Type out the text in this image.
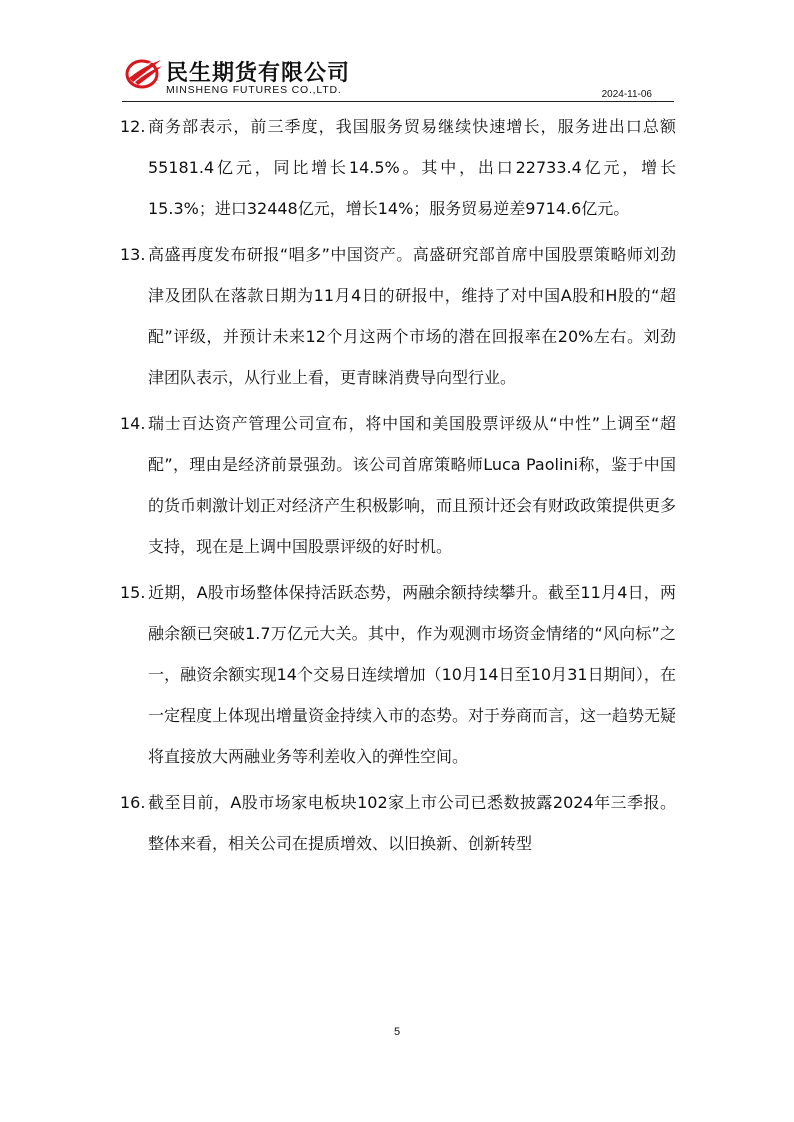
民生期货有限公司
MINSHENG FUTURES CO.,LTD.	2024-11-06
12. 商务部表示，前三季度，我国服务贸易继续快速增长，服务进出口总额55181.4亿元，同比增长14.5%。其中，出口22733.4亿元，增长15.3%；进口32448亿元，增长14%；服务贸易逆差9714.6亿元。
13. 高盛再度发布研报“唱多”中国资产。高盛研究部首席中国股票策略师刘劲津及团队在落款日期为11月4日的研报中，维持了对中国A股和H股的“超配”评级，并预计未来12个月这两个市场的潜在回报率在20%左右。刘劲津团队表示，从行业上看，更青睐消费导向型行业。
14. 瑞士百达资产管理公司宣布，将中国和美国股票评级从“中性”上调至“超配”，理由是经济前景强劲。该公司首席策略师Luca Paolini称，鉴于中国的货币刺激计划正对经济产生积极影响，而且预计还会有财政政策提供更多支持，现在是上调中国股票评级的好时机。
15. 近期，A股市场整体保持活跃态势，两融余额持续攀升。截至11月4日，两融余额已突破1.7万亿元大关。其中，作为观测市场资金情绪的“风向标”之一，融资余额实现14个交易日连续增加（10月14日至10月31日期间），在一定程度上体现出增量资金持续入市的态势。对于券商而言，这一趋势无疑将直接放大两融业务等利差收入的弹性空间。
16. 截至目前，A股市场家电板块102家上市公司已悉数披露2024年三季报。整体来看，相关公司在提质增效、以旧换新、创新转型
5
